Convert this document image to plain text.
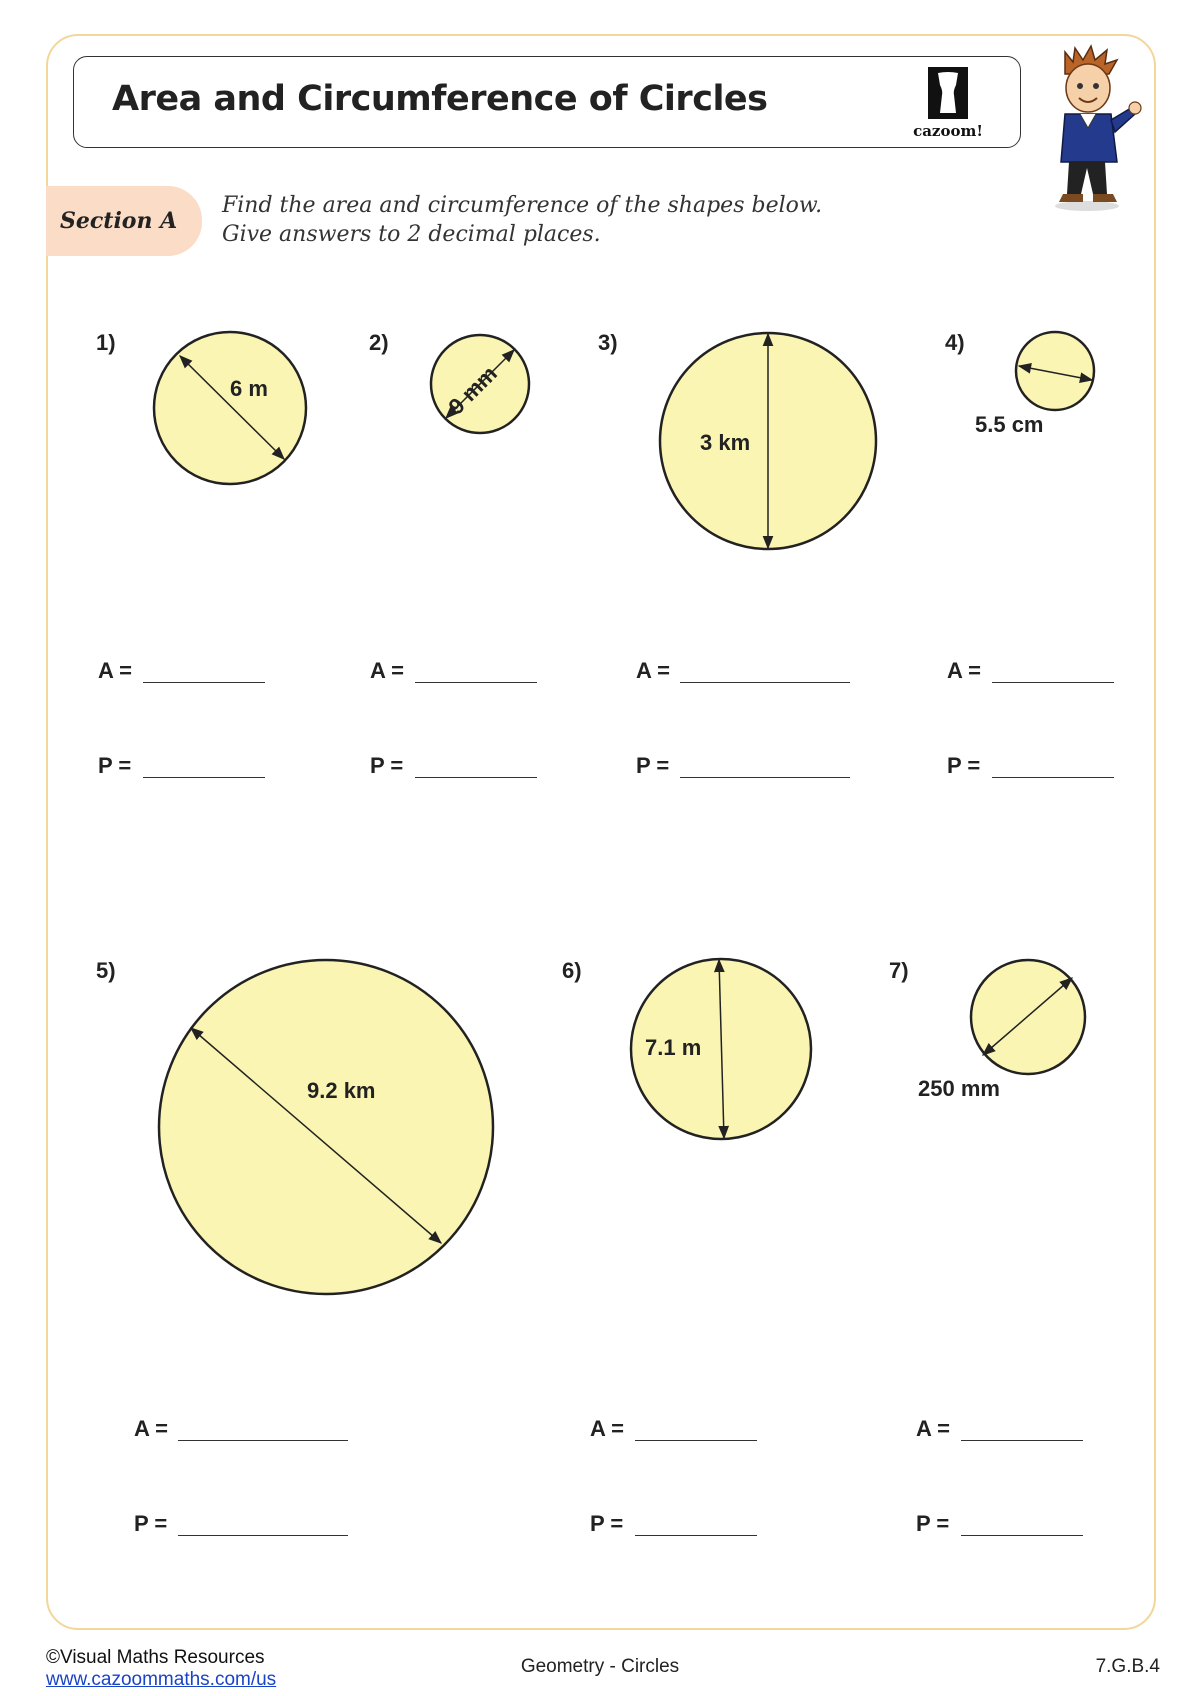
Area and Circumference of Circles
cazoom!
Section A
Find the area and circumference of the shapes below.
Give answers to 2 decimal places.
1)	2)	3)	4)
5)	6)	7)
6 m	9 mm
3 km
5.5 cm
9.2 km
7.1 m
250 mm
A =
P =
A =
P =
A =
P =
A =
P =
A =
P =
A =
P =
A =
P =
©Visual Maths Resources
www.cazoommaths.com/us
Geometry - Circles	7.G.B.4
